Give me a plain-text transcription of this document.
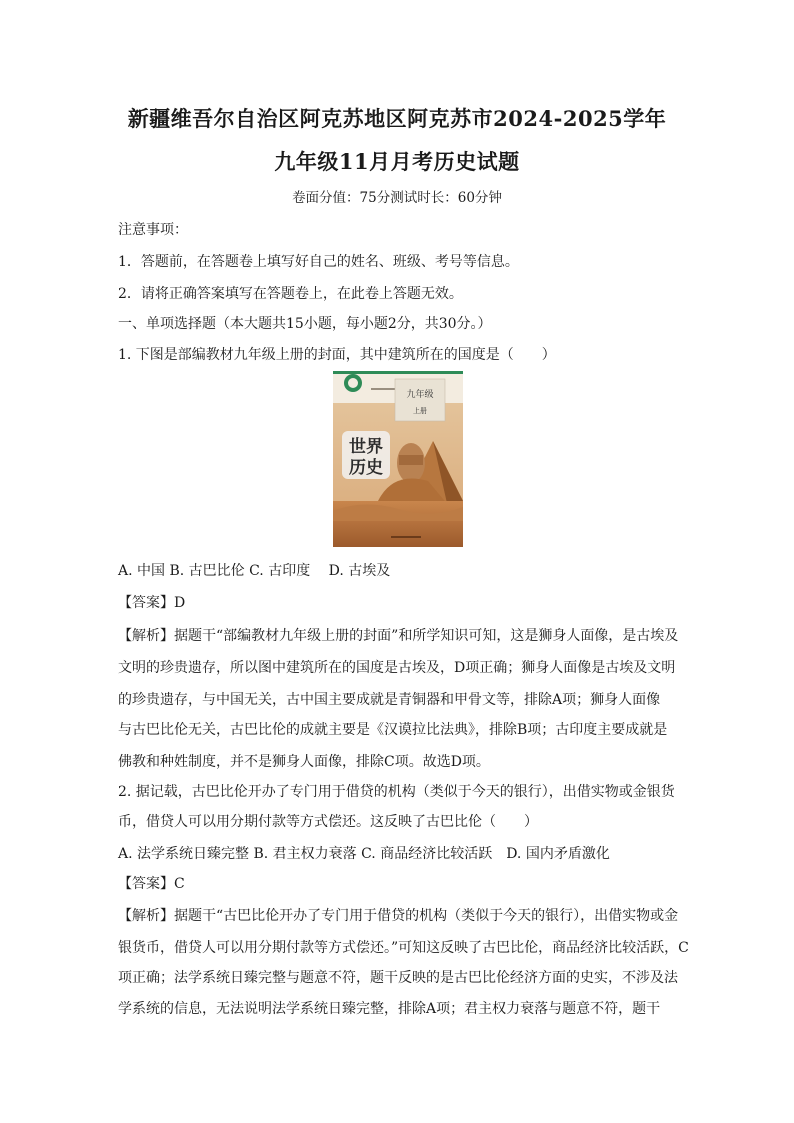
新疆维吾尔自治区阿克苏地区阿克苏市2024-2025学年
九年级11月月考历史试题
卷面分值：75分测试时长：60分钟
注意事项：
1．答题前，在答题卷上填写好自己的姓名、班级、考号等信息。
2．请将正确答案填写在答题卷上，在此卷上答题无效。
一、单项选择题（本大题共15小题，每小题2分，共30分。）
1. 下图是部编教材九年级上册的封面，其中建筑所在的国度是（　　）
九年级
上册
世界
历史
A. 中国 B. 古巴比伦 C. 古印度　 D. 古埃及
【答案】D
【解析】据题干“部编教材九年级上册的封面”和所学知识可知，这是狮身人面像，是古埃及
文明的珍贵遗存，所以图中建筑所在的国度是古埃及，D项正确；狮身人面像是古埃及文明
的珍贵遗存，与中国无关，古中国主要成就是青铜器和甲骨文等，排除A项；狮身人面像
与古巴比伦无关，古巴比伦的成就主要是《汉谟拉比法典》，排除B项；古印度主要成就是
佛教和种姓制度，并不是狮身人面像，排除C项。故选D项。
2. 据记载，古巴比伦开办了专门用于借贷的机构（类似于今天的银行），出借实物或金银货
币，借贷人可以用分期付款等方式偿还。这反映了古巴比伦（　　）
A. 法学系统日臻完整 B. 君主权力衰落 C. 商品经济比较活跃　D. 国内矛盾激化
【答案】C
【解析】据题干“古巴比伦开办了专门用于借贷的机构（类似于今天的银行），出借实物或金
银货币，借贷人可以用分期付款等方式偿还。”可知这反映了古巴比伦，商品经济比较活跃，C
项正确；法学系统日臻完整与题意不符，题干反映的是古巴比伦经济方面的史实，不涉及法
学系统的信息，无法说明法学系统日臻完整，排除A项；君主权力衰落与题意不符，题干
